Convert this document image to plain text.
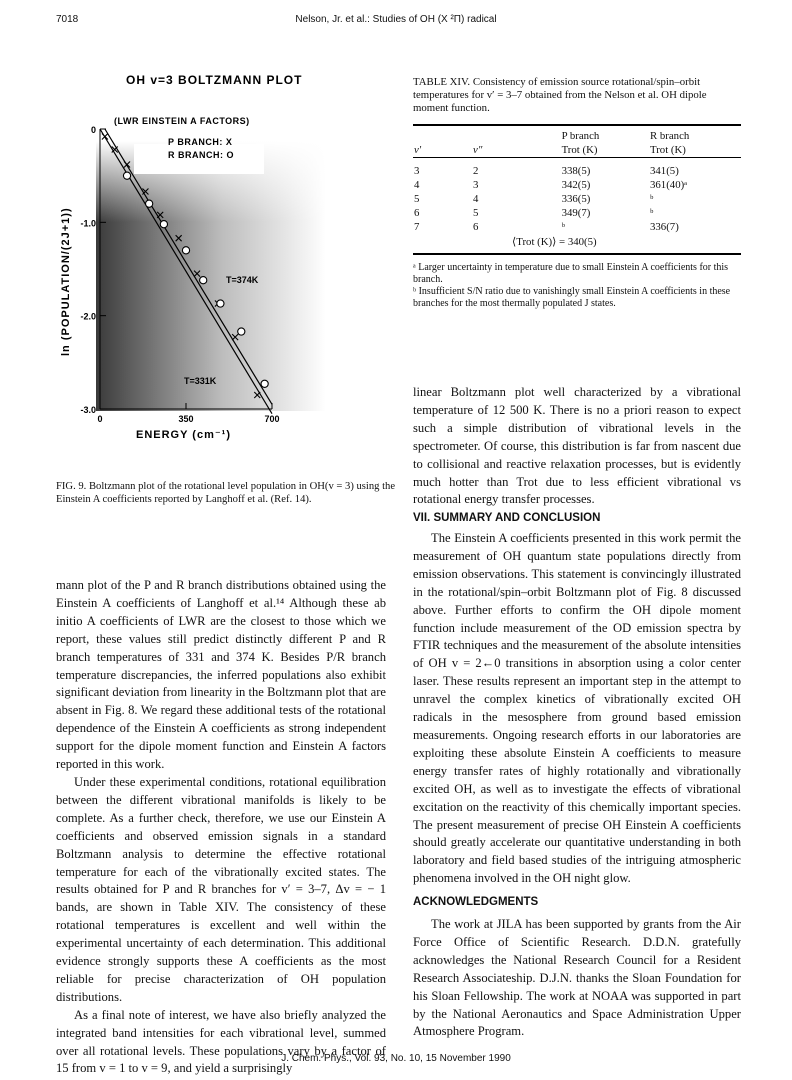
7018	Nelson, Jr. et al.: Studies of OH (X ²Π) radical
OH v=3 BOLTZMANN PLOT
(LWR EINSTEIN A FACTORS)
0
-1.0
-2.0
-3.0
0	350	700
P BRANCH: X
R BRANCH: O
ln (POPULATION/(2J+1))
ENERGY (cm⁻¹)
T=374K
T=331K
FIG. 9. Boltzmann plot of the rotational level population in OH(v = 3) using the Einstein A coefficients reported by Langhoff et al. (Ref. 14).
TABLE XIV. Consistency of emission source rotational/spin–orbit temperatures for v′ = 3–7 obtained from the Nelson et al. OH dipole moment function.

		P branch	R branch
v′	v″	Trot (K)	Trot (K)

3	2	338(5)	341(5)
4	3	342(5)	361(40)ᵃ
5	4	336(5)	ᵇ
6	5	349(7)	ᵇ
7	6	ᵇ	336(7)
	⟨Trot (K)⟩ = 340(5)		

ᵃ Larger uncertainty in temperature due to small Einstein A coefficients for this branch.
ᵇ Insufficient S/N ratio due to vanishingly small Einstein A coefficients in these branches for the most thermally populated J states.

mann plot of the P and R branch distributions obtained using the Einstein A coefficients of Langhoff et al.¹⁴ Although these ab initio A coefficients of LWR are the closest to those which we report, these values still predict distinctly different P and R branch temperatures of 331 and 374 K. Besides P/R branch temperature discrepancies, the inferred populations also exhibit significant deviation from linearity in the Boltzmann plot that are absent in Fig. 8. We regard these additional tests of the rotational dependence of the Einstein A coefficients as strong independent support for the dipole moment function and Einstein A factors reported in this work.

Under these experimental conditions, rotational equilibration between the different vibrational manifolds is likely to be complete. As a further check, therefore, we use our Einstein A coefficients and observed emission signals in a standard Boltzmann analysis to determine the effective rotational temperature for each of the vibrationally excited states. The results obtained for P and R branches for v′ = 3–7, Δv = − 1 bands, are shown in Table XIV. The consistency of these rotational temperatures is excellent and well within the experimental uncertainty of each determination. This additional evidence strongly supports these A coefficients as the most reliable for precise characterization of OH population distributions.

As a final note of interest, we have also briefly analyzed the integrated band intensities for each vibrational level, summed over all rotational levels. These populations vary by a factor of 15 from v = 1 to v = 9, and yield a surprisingly

linear Boltzmann plot well characterized by a vibrational temperature of 12 500 K. There is no a priori reason to expect such a simple distribution of vibrational levels in the spectrometer. Of course, this distribution is far from nascent due to collisional and reactive relaxation processes, but is evidently much hotter than Trot due to less efficient vibrational vs rotational energy transfer processes.

VII. SUMMARY AND CONCLUSION

The Einstein A coefficients presented in this work permit the measurement of OH quantum state populations directly from emission observations. This statement is convincingly illustrated in the rotational/spin–orbit Boltzmann plot of Fig. 8 discussed above. Further efforts to confirm the OH dipole moment function include measurement of the OD emission spectra by FTIR techniques and the measurement of the absolute intensities of OH v = 2←0 transitions in absorption using a color center laser. These results represent an important step in the attempt to unravel the complex kinetics of vibrationally excited OH radicals in the mesosphere from ground based emission measurements. Ongoing research efforts in our laboratories are exploiting these absolute Einstein A coefficients to measure energy transfer rates of highly rotationally and vibrationally excited OH, as well as to investigate the effects of vibrational excitation on the reactivity of this chemically important species. The present measurement of precise OH Einstein A coefficients should greatly accelerate our quantitative understanding in both laboratory and field based studies of the intriguing atmospheric phenomena involved in the OH night glow.

ACKNOWLEDGMENTS

The work at JILA has been supported by grants from the Air Force Office of Scientific Research. D.D.N. gratefully acknowledges the National Research Council for a Resident Research Associateship. D.J.N. thanks the Sloan Foundation for his Sloan Fellowship. The work at NOAA was supported in part by the National Aeronautics and Space Administration Upper Atmosphere Program.

J. Chem. Phys., Vol. 93, No. 10, 15 November 1990
